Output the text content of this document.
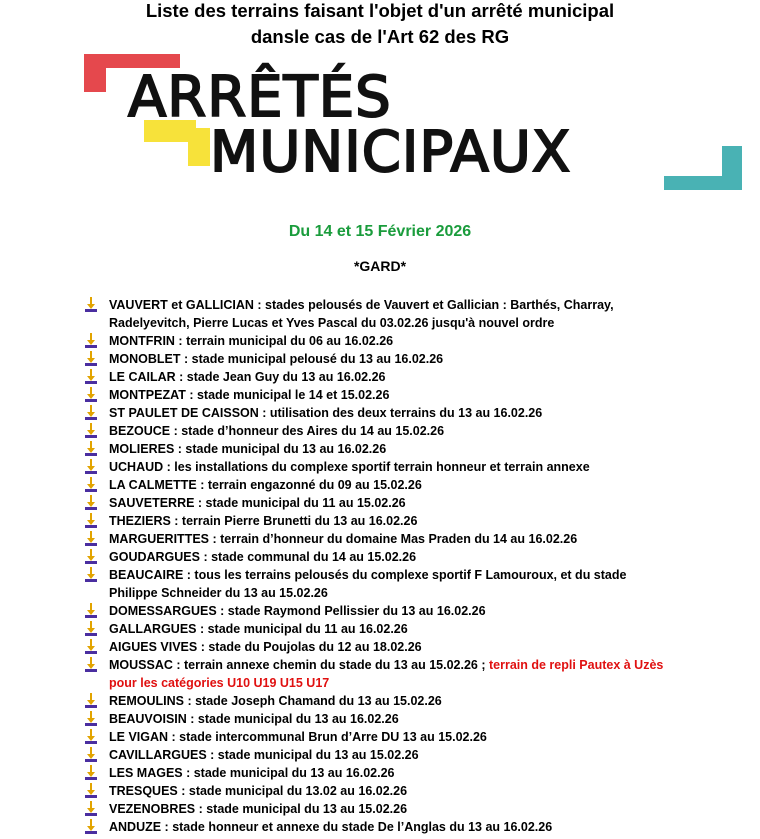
Liste des terrains faisant l'objet d'un arrêté municipal
dansle cas de l'Art 62 des RG
ARRÊTÉS
MUNICIPAUX

Du 14 et 15 Février 2026

*GARD*

VAUVERT et GALLICIAN : stades pelousés de Vauvert et Gallician : Barthés, Charray, Radelyevitch, Pierre Lucas et Yves Pascal du 03.02.26 jusqu'à nouvel ordre
MONTFRIN : terrain municipal du 06 au 16.02.26
MONOBLET : stade municipal pelousé du 13 au 16.02.26
LE CAILAR : stade Jean Guy du 13 au 16.02.26
MONTPEZAT : stade municipal le 14 et 15.02.26
ST PAULET DE CAISSON : utilisation des deux terrains du 13 au 16.02.26
BEZOUCE : stade d’honneur des Aires du 14 au 15.02.26
MOLIERES : stade municipal du 13 au 16.02.26
UCHAUD : les installations du complexe sportif terrain honneur et terrain annexe
LA CALMETTE : terrain engazonné du 09 au 15.02.26
SAUVETERRE : stade municipal du 11 au 15.02.26
THEZIERS : terrain Pierre Brunetti du 13 au 16.02.26
MARGUERITTES : terrain d’honneur du domaine Mas Praden du 14 au 16.02.26
GOUDARGUES : stade communal du 14 au 15.02.26
BEAUCAIRE : tous les terrains pelousés du complexe sportif F Lamouroux, et du stade Philippe Schneider du 13 au 15.02.26
DOMESSARGUES : stade Raymond Pellissier du 13 au 16.02.26
GALLARGUES : stade municipal du 11 au 16.02.26
AIGUES VIVES : stade du Poujolas du 12 au 18.02.26
MOUSSAC : terrain annexe chemin du stade du 13 au 15.02.26 ; terrain de repli Pautex à Uzès pour les catégories U10 U19 U15 U17
REMOULINS : stade Joseph Chamand du 13 au 15.02.26
BEAUVOISIN : stade municipal du 13 au 16.02.26
LE VIGAN : stade intercommunal Brun d’Arre DU 13 au 15.02.26
CAVILLARGUES : stade municipal du 13 au 15.02.26
LES MAGES : stade municipal du 13 au 16.02.26
TRESQUES : stade municipal du 13.02 au 16.02.26
VEZENOBRES : stade municipal du 13 au 15.02.26
ANDUZE : stade honneur et annexe du stade De l’Anglas du 13 au 16.02.26
